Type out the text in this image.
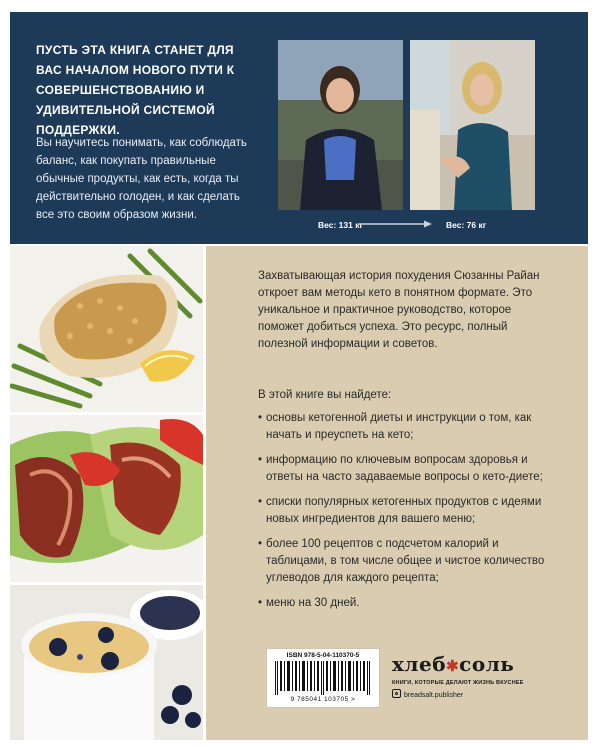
ПУСТЬ ЭТА КНИГА СТАНЕТ ДЛЯ ВАС НАЧАЛОМ НОВОГО ПУТИ К СОВЕРШЕНСТВОВАНИЮ И УДИВИТЕЛЬНОЙ СИСТЕМОЙ ПОДДЕРЖКИ.

Вы научитесь понимать, как соблюдать баланс, как покупать правильные обычные продукты, как есть, когда ты действительно голоден, и как сделать все это своим образом жизни.

Вес: 131 кг	Вес: 76 кг

Захватывающая история похудения Сюзанны Райан откроет вам методы кето в понятном формате. Это уникальное и практичное руководство, которое поможет добиться успеха. Это ресурс, полный полезной информации и советов.

В этой книге вы найдете:

• основы кетогенной диеты и инструкции о том, как начать и преуспеть на кето;
• информацию по ключевым вопросам здоровья и ответы на часто задаваемые вопросы о кето-диете;
• списки популярных кетогенных продуктов с идеями новых ингредиентов для вашего меню;
• более 100 рецептов с подсчетом калорий и таблицами, в том числе общее и чистое количество углеводов для каждого рецепта;
• меню на 30 дней.
ISBN 978-5-04-110370-5
9 785041 103705 >
хлеб✱соль
КНИГИ, КОТОРЫЕ ДЕЛАЮТ ЖИЗНЬ ВКУСНЕЕ
breadsalt.publisher
